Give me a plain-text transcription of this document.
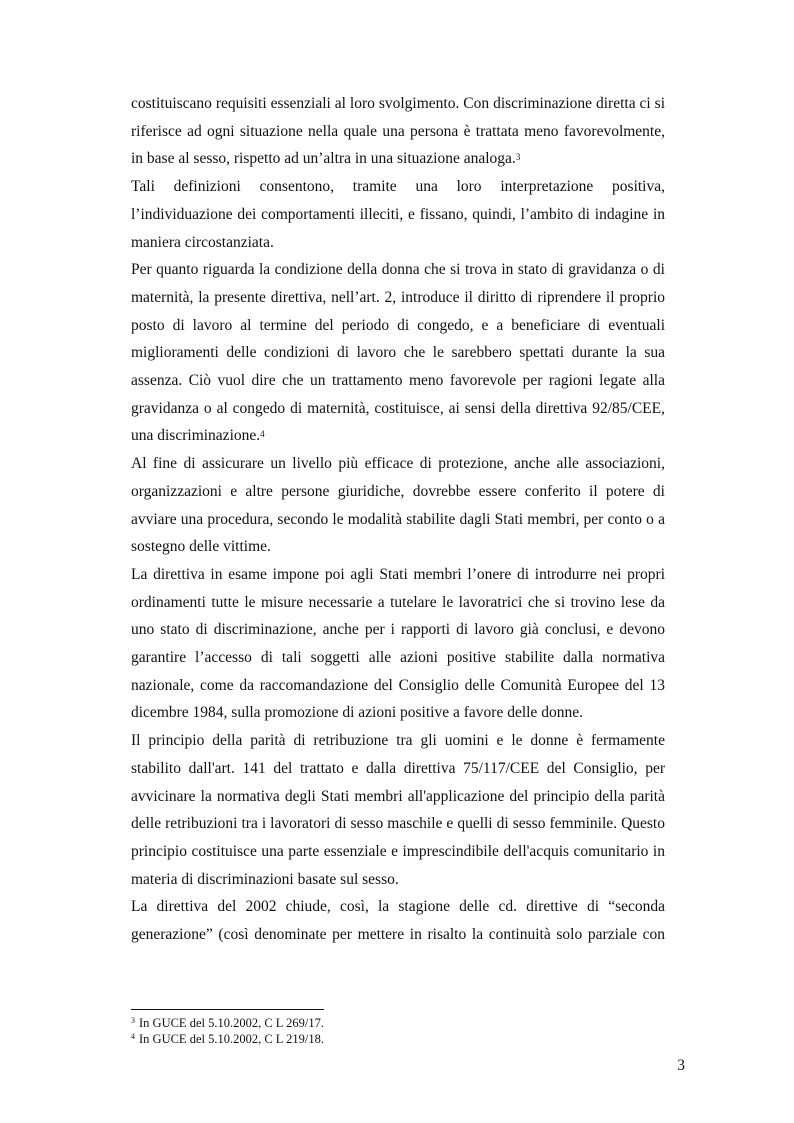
costituiscano requisiti essenziali al loro svolgimento. Con discriminazione diretta ci si riferisce ad ogni situazione nella quale una persona è trattata meno favorevolmente, in base al sesso, rispetto ad un’altra in una situazione analoga.$^3$

Tali definizioni consentono, tramite una loro interpretazione positiva, l’individuazione dei comportamenti illeciti, e fissano, quindi, l’ambito di indagine in maniera circostanziata.

Per quanto riguarda la condizione della donna che si trova in stato di gravidanza o di maternità, la presente direttiva, nell’art. 2, introduce il diritto di riprendere il proprio posto di lavoro al termine del periodo di congedo, e a beneficiare di eventuali miglioramenti delle condizioni di lavoro che le sarebbero spettati durante la sua assenza. Ciò vuol dire che un trattamento meno favorevole per ragioni legate alla gravidanza o al congedo di maternità, costituisce, ai sensi della direttiva 92/85/CEE, una discriminazione.$^4$

Al fine di assicurare un livello più efficace di protezione, anche alle associazioni, organizzazioni e altre persone giuridiche, dovrebbe essere conferito il potere di avviare una procedura, secondo le modalità stabilite dagli Stati membri, per conto o a sostegno delle vittime.

La direttiva in esame impone poi agli Stati membri l’onere di introdurre nei propri ordinamenti tutte le misure necessarie a tutelare le lavoratrici che si trovino lese da uno stato di discriminazione, anche per i rapporti di lavoro già conclusi, e devono garantire l’accesso di tali soggetti alle azioni positive stabilite dalla normativa nazionale, come da raccomandazione del Consiglio delle Comunità Europee del 13 dicembre 1984, sulla promozione di azioni positive a favore delle donne.

Il principio della parità di retribuzione tra gli uomini e le donne è fermamente stabilito dall'art. 141 del trattato e dalla direttiva 75/117/CEE del Consiglio, per avvicinare la normativa degli Stati membri all'applicazione del principio della parità delle retribuzioni tra i lavoratori di sesso maschile e quelli di sesso femminile. Questo principio costituisce una parte essenziale e imprescindibile dell'acquis comunitario in materia di discriminazioni basate sul sesso.

La direttiva del 2002 chiude, così, la stagione delle cd. direttive di “seconda generazione” (così denominate per mettere in risalto la continuità solo parziale con

$^3$ In GUCE del 5.10.2002, C L 269/17.

$^4$ In GUCE del 5.10.2002, C L 219/18.

3
